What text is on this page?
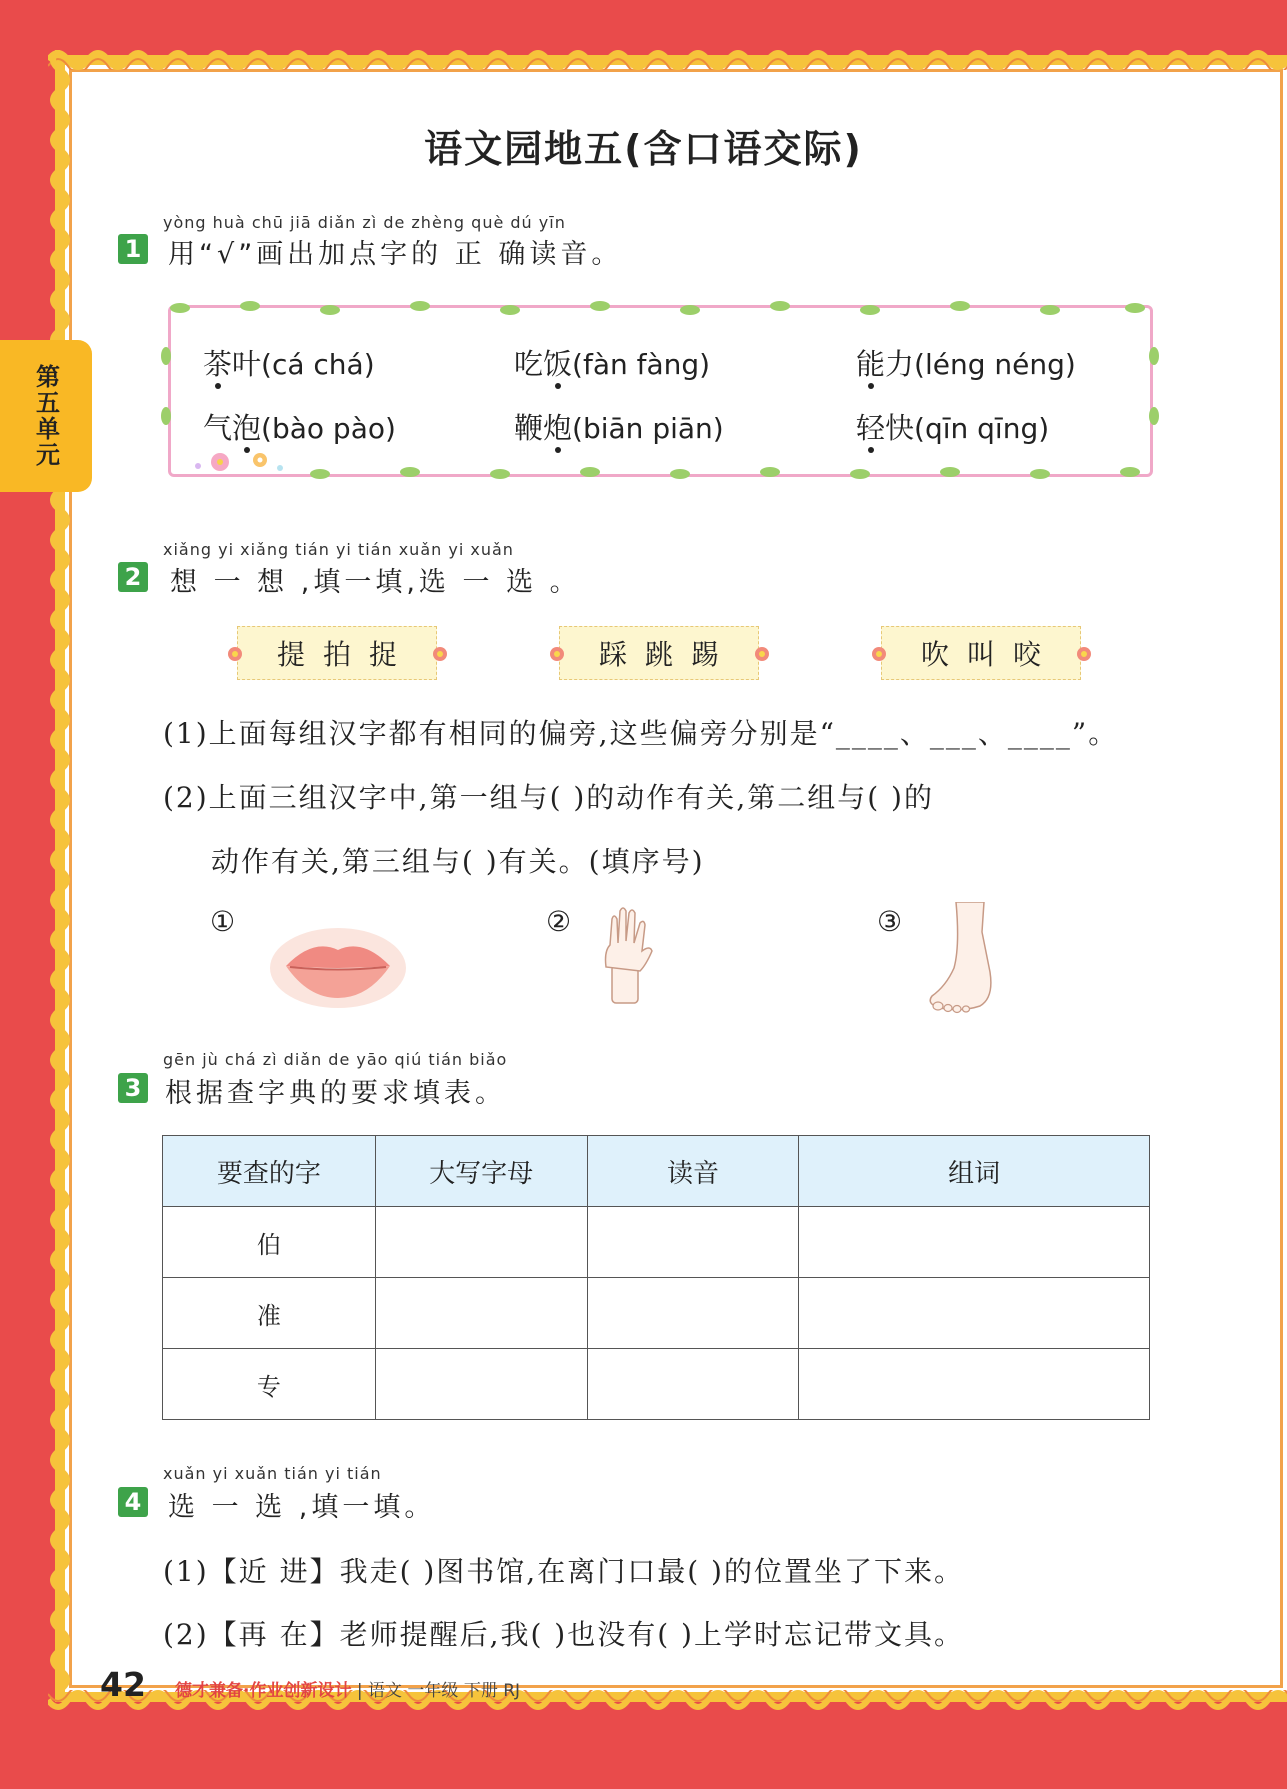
第五单元
语文园地五(含口语交际)
yòng huà chū jiā diǎn zì de zhèng què dú yīn
1 用“√”画出加点字的 正 确读音。
茶叶(cá chá)	吃饭(fàn fàng)	能力(léng néng)
气泡(bào pào)	鞭炮(biān piān)	轻快(qīn qīng)
xiǎng yi xiǎng tián yi tián xuǎn yi xuǎn
2 想 一 想 ,填一填,选 一 选 。
提拍捉	踩跳踢	吹叫咬
(1)上面每组汉字都有相同的偏旁,这些偏旁分别是“____、___、____”。
(2)上面三组汉字中,第一组与( )的动作有关,第二组与( )的
动作有关,第三组与( )有关。(填序号)
①	②	③
gēn jù chá zì diǎn de yāo qiú tián biǎo
3 根据查字典的要求填表。
要查的字	大写字母	读音	组词
伯			
准			
专			
xuǎn yi xuǎn tián yi tián
4 选 一 选 ,填一填。
(1)【近 进】我走( )图书馆,在离门口最( )的位置坐了下来。
(2)【再 在】老师提醒后,我( )也没有( )上学时忘记带文具。
42 德才兼备·作业创新设计 | 语文 一年级 下册 RJ
